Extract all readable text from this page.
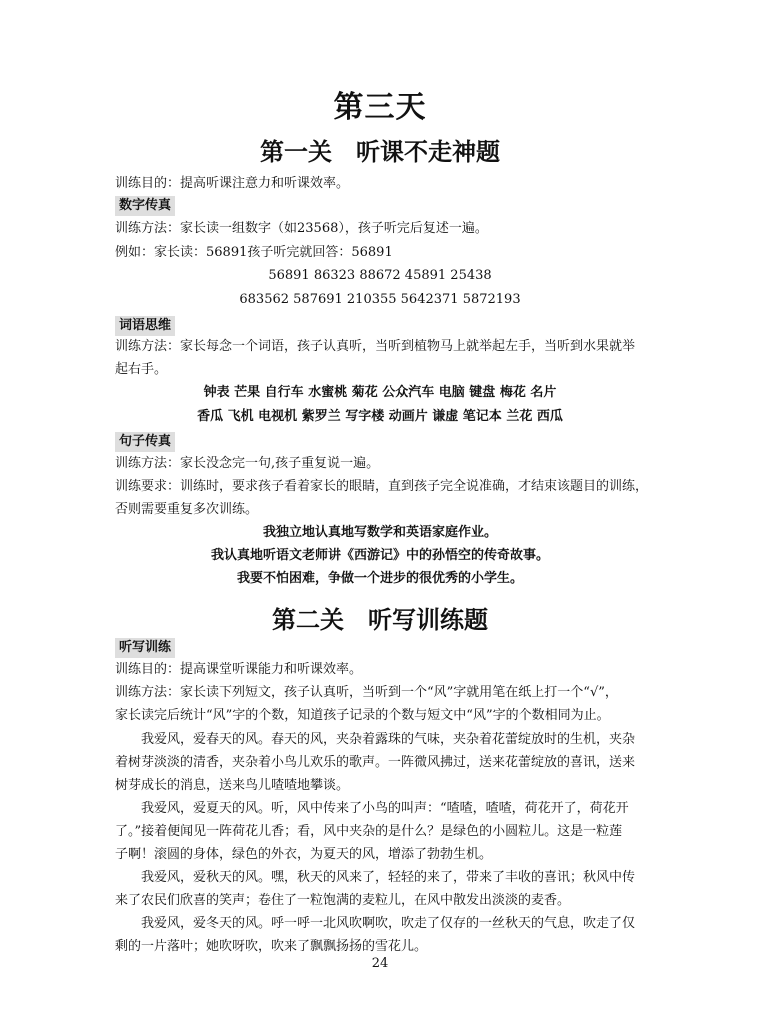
第三天
第一关　听课不走神题
训练目的：提高听课注意力和听课效率。
数字传真
训练方法：家长读一组数字（如23568），孩子听完后复述一遍。
例如：家长读：56891孩子听完就回答：56891
56891 86323 88672 45891 25438
683562 587691 210355 5642371 5872193
词语思维
训练方法：家长每念一个词语，孩子认真听，当听到植物马上就举起左手，当听到水果就举
起右手。
钟表 芒果 自行车 水蜜桃 菊花 公众汽车 电脑 键盘 梅花 名片
香瓜 飞机 电视机 紫罗兰 写字楼 动画片 谦虚 笔记本 兰花 西瓜
句子传真
训练方法：家长没念完一句,孩子重复说一遍。
训练要求：训练时，要求孩子看着家长的眼睛，直到孩子完全说准确，才结束该题目的训练，
否则需要重复多次训练。
我独立地认真地写数学和英语家庭作业。
我认真地听语文老师讲《西游记》中的孙悟空的传奇故事。
我要不怕困难，争做一个进步的很优秀的小学生。
第二关　听写训练题
听写训练
训练目的：提高课堂听课能力和听课效率。
训练方法：家长读下列短文，孩子认真听，当听到一个“风”字就用笔在纸上打一个“√”，
家长读完后统计“风”字的个数，知道孩子记录的个数与短文中“风”字的个数相同为止。
我爱风，爱春天的风。春天的风，夹杂着露珠的气味，夹杂着花蕾绽放时的生机，夹杂
着树芽淡淡的清香，夹杂着小鸟儿欢乐的歌声。一阵微风拂过，送来花蕾绽放的喜讯，送来
树芽成长的消息，送来鸟儿喳喳地攀谈。
我爱风，爱夏天的风。听，风中传来了小鸟的叫声：“喳喳，喳喳，荷花开了，荷花开
了。”接着便闻见一阵荷花儿香；看，风中夹杂的是什么？是绿色的小圆粒儿。这是一粒莲
子啊！滚圆的身体，绿色的外衣，为夏天的风，增添了勃勃生机。
我爱风，爱秋天的风。嘿，秋天的风来了，轻轻的来了，带来了丰收的喜讯；秋风中传
来了农民们欣喜的笑声；卷住了一粒饱满的麦粒儿，在风中散发出淡淡的麦香。
我爱风，爱冬天的风。呼一呼一北风吹啊吹，吹走了仅存的一丝秋天的气息，吹走了仅
剩的一片落叶；她吹呀吹，吹来了飘飘扬扬的雪花儿。
24
